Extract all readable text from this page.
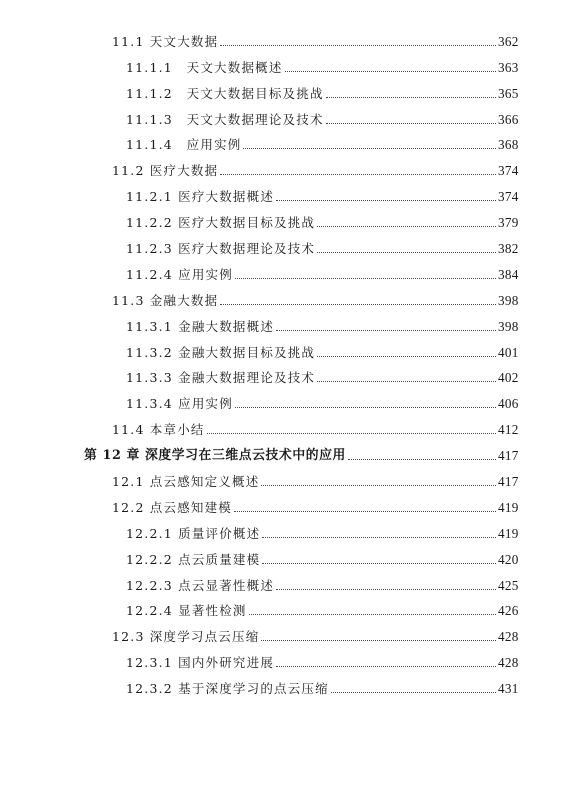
11.1 天文大数据	362
11.1.1　天文大数据概述	363
11.1.2　天文大数据目标及挑战	365
11.1.3　天文大数据理论及技术	366
11.1.4　应用实例	368
11.2 医疗大数据	374
11.2.1 医疗大数据概述	374
11.2.2 医疗大数据目标及挑战	379
11.2.3 医疗大数据理论及技术	382
11.2.4 应用实例	384
11.3 金融大数据	398
11.3.1 金融大数据概述	398
11.3.2 金融大数据目标及挑战	401
11.3.3 金融大数据理论及技术	402
11.3.4 应用实例	406
11.4 本章小结	412
第 12 章 深度学习在三维点云技术中的应用	417
12.1 点云感知定义概述	417
12.2 点云感知建模	419
12.2.1 质量评价概述	419
12.2.2 点云质量建模	420
12.2.3 点云显著性概述	425
12.2.4 显著性检测	426
12.3 深度学习点云压缩	428
12.3.1 国内外研究进展	428
12.3.2 基于深度学习的点云压缩	431
